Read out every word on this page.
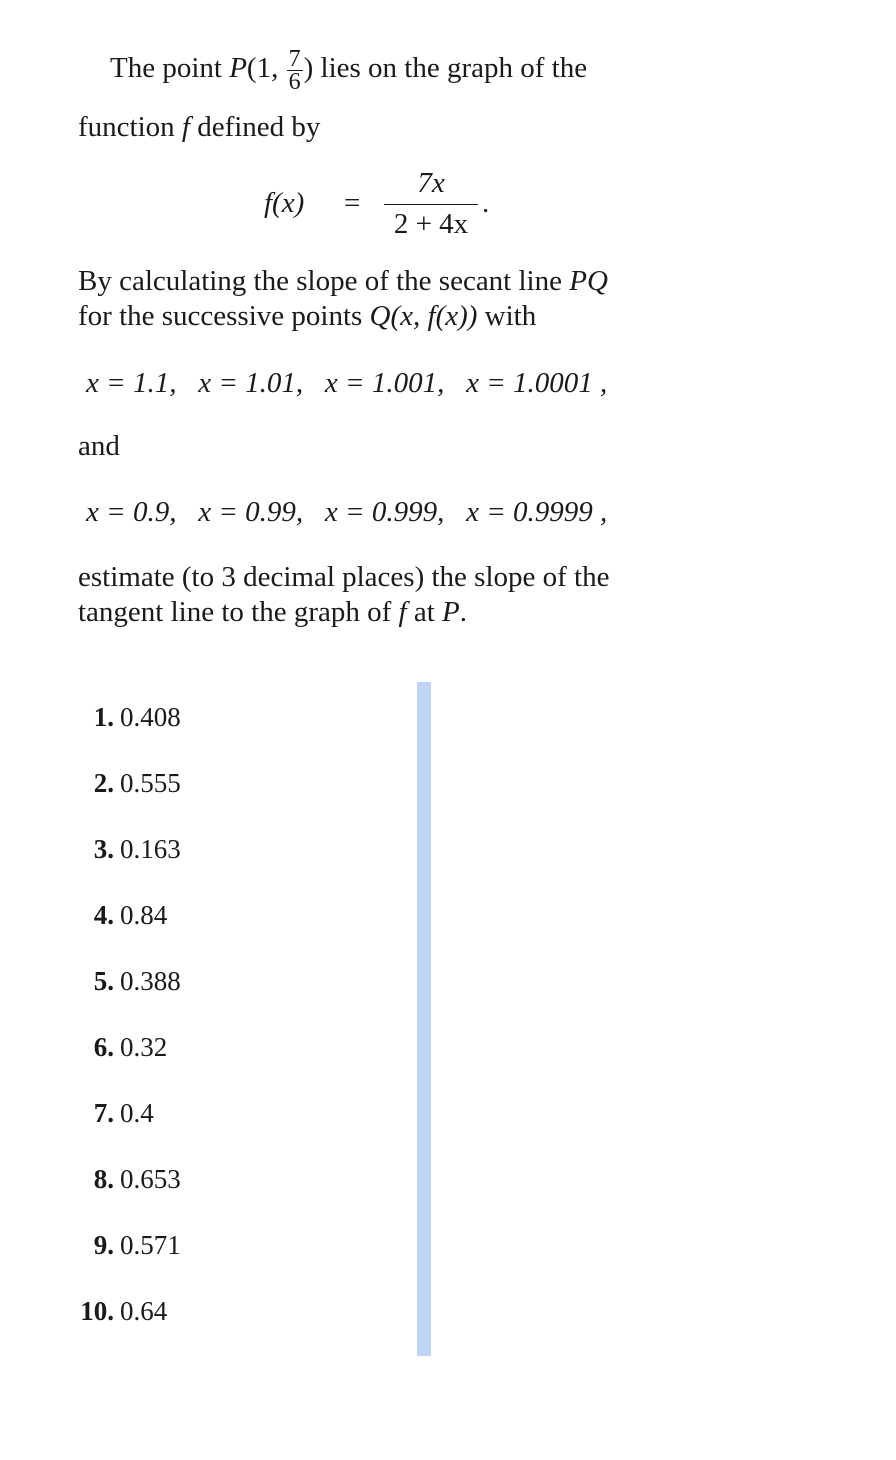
The point P(1, $\frac{7}{6}$ ) lies on the graph of the
function f defined by
$f(x) = \frac{7x}{2 + 4x}$ .
By calculating the slope of the secant line PQ
for the successive points Q(x, f(x)) with
x = 1.1,   x = 1.01,   x = 1.001,   x = 1.0001 ,
and
x = 0.9,   x = 0.99,   x = 0.999,   x = 0.9999 ,
estimate (to 3 decimal places) the slope of the
tangent line to the graph of f at P.
1. 0.408
2. 0.555
3. 0.163
4. 0.84
5. 0.388
6. 0.32
7. 0.4
8. 0.653
9. 0.571
10. 0.64
